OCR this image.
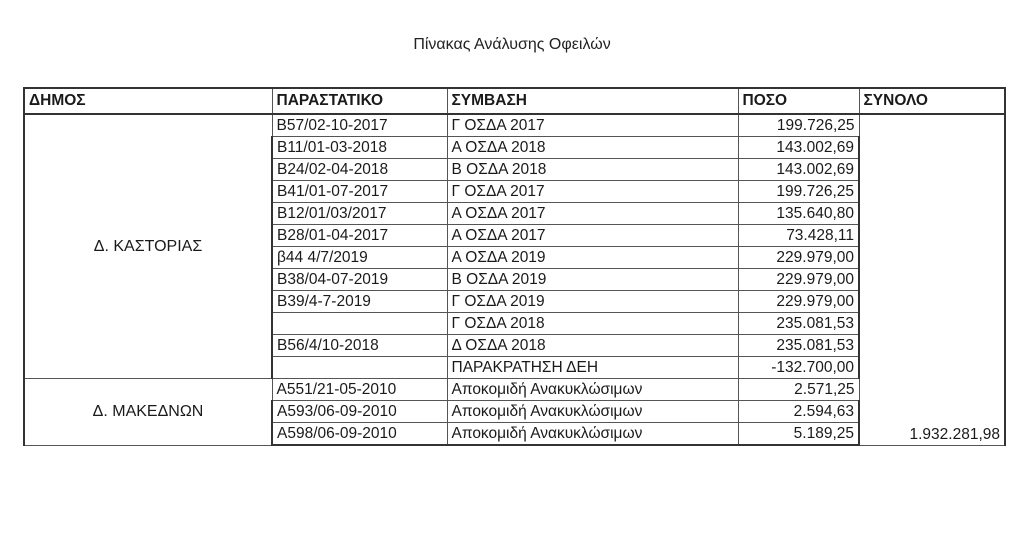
Πίνακας Ανάλυσης Οφειλών
ΔΗΜΟΣ	ΠΑΡΑΣΤΑΤΙΚΟ	ΣΥΜΒΑΣΗ	ΠΟΣΟ	ΣΥΝΟΛΟ
Δ. ΚΑΣΤΟΡΙΑΣ	Β57/02-10-2017	Γ ΟΣΔΑ 2017	199.726,25	
	Β11/01-03-2018	Α ΟΣΔΑ 2018	143.002,69	
	Β24/02-04-2018	Β ΟΣΔΑ 2018	143.002,69	
	Β41/01-07-2017	Γ ΟΣΔΑ 2017	199.726,25	
	Β12/01/03/2017	Α ΟΣΔΑ 2017	135.640,80	
	Β28/01-04-2017	Α ΟΣΔΑ 2017	73.428,11	
	β44 4/7/2019	Α ΟΣΔΑ 2019	229.979,00	
	Β38/04-07-2019	Β ΟΣΔΑ 2019	229.979,00	
	Β39/4-7-2019	Γ ΟΣΔΑ 2019	229.979,00	
		Γ ΟΣΔΑ 2018	235.081,53	
	Β56/4/10-2018	Δ ΟΣΔΑ 2018	235.081,53	
		ΠΑΡΑΚΡΑΤΗΣΗ ΔΕΗ	-132.700,00	
Δ. ΜΑΚΕΔΝΩΝ	Α551/21-05-2010	Αποκομιδή Ανακυκλώσιμων	2.571,25	1.932.281,98
	Α593/06-09-2010	Αποκομιδή Ανακυκλώσιμων	2.594,63	
	Α598/06-09-2010	Αποκομιδή Ανακυκλώσιμων	5.189,25	
